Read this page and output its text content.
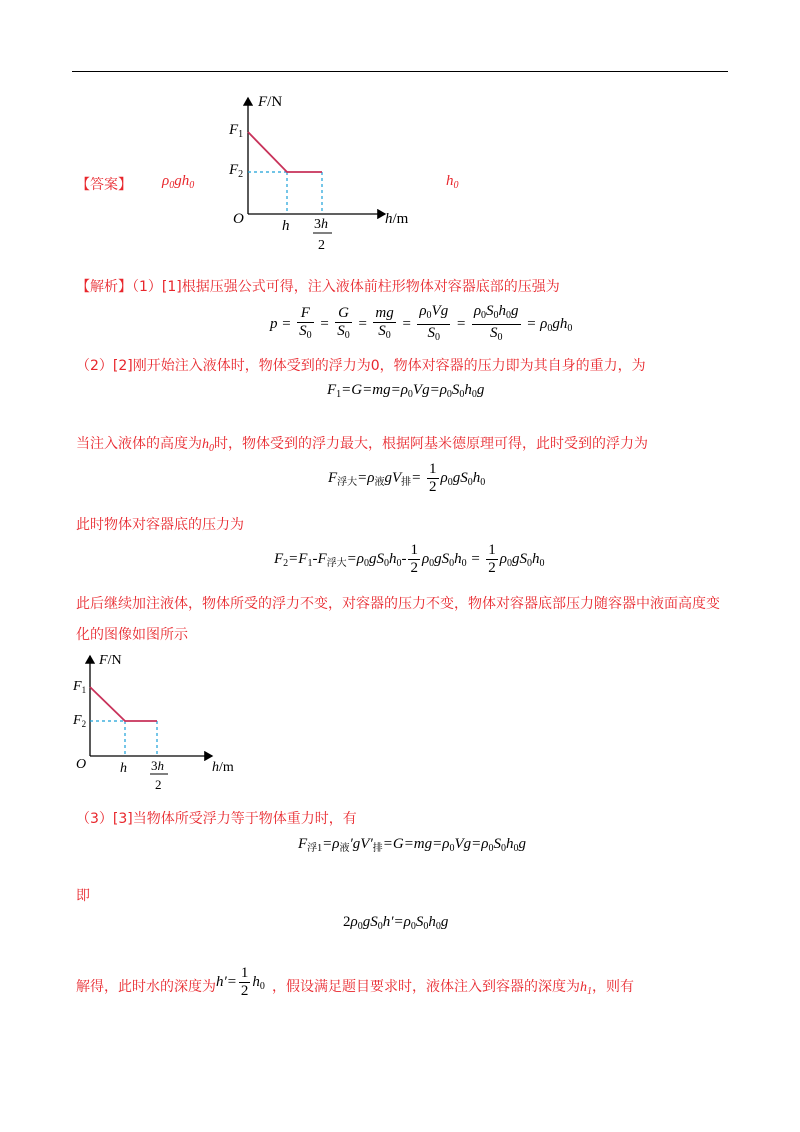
【答案】 $\rho_0gh_0$	$h_0$
F/N
h/m
O
$F_1$
$F_2$
h 3h
2
【解析】（1）[1]根据压强公式可得，注入液体前柱形物体对容器底部的压强为
$p = \frac{F}{S_0} = \frac{G}{S_0} = \frac{mg}{S_0} = \frac{\rho_0Vg}{S_0} = \frac{\rho_0S_0h_0g}{S_0} = \rho_0gh_0$
（2）[2]刚开始注入液体时，物体受到的浮力为0，物体对容器的压力即为其自身的重力，为
$F_1=G=mg=\rho_0Vg=\rho_0S_0h_0g$
当注入液体的高度为$h_0$时，物体受到的浮力最大，根据阿基米德原理可得，此时受到的浮力为
$F_{浮大}=\rho_液gV_排= \frac{1}{2} \rho_0gS_0h_0$
此时物体对容器底的压力为
$F_2=F_1-F_{浮大}=\rho_0gS_0h_0- \frac{1}{2} \rho_0gS_0h_0 = \frac{1}{2} \rho_0gS_0h_0$
此后继续加注液体，物体所受的浮力不变，对容器的压力不变，物体对容器底部压力随容器中液面高度变
化的图像如图所示
F/N
h/m
O
$F_1$
$F_2$
h 3h
2
（3）[3]当物体所受浮力等于物体重力时，有
$F_{浮1}=\rho_液'gV'_排=G=mg=\rho_0Vg=\rho_0S_0h_0g$
即
$2\rho_0gS_0h'=\rho_0S_0h_0g$
解得，此时水的深度为 $h'= \frac{1}{2} h_0$ ，假设满足题目要求时，液体注入到容器的深度为$h_1$，则有
